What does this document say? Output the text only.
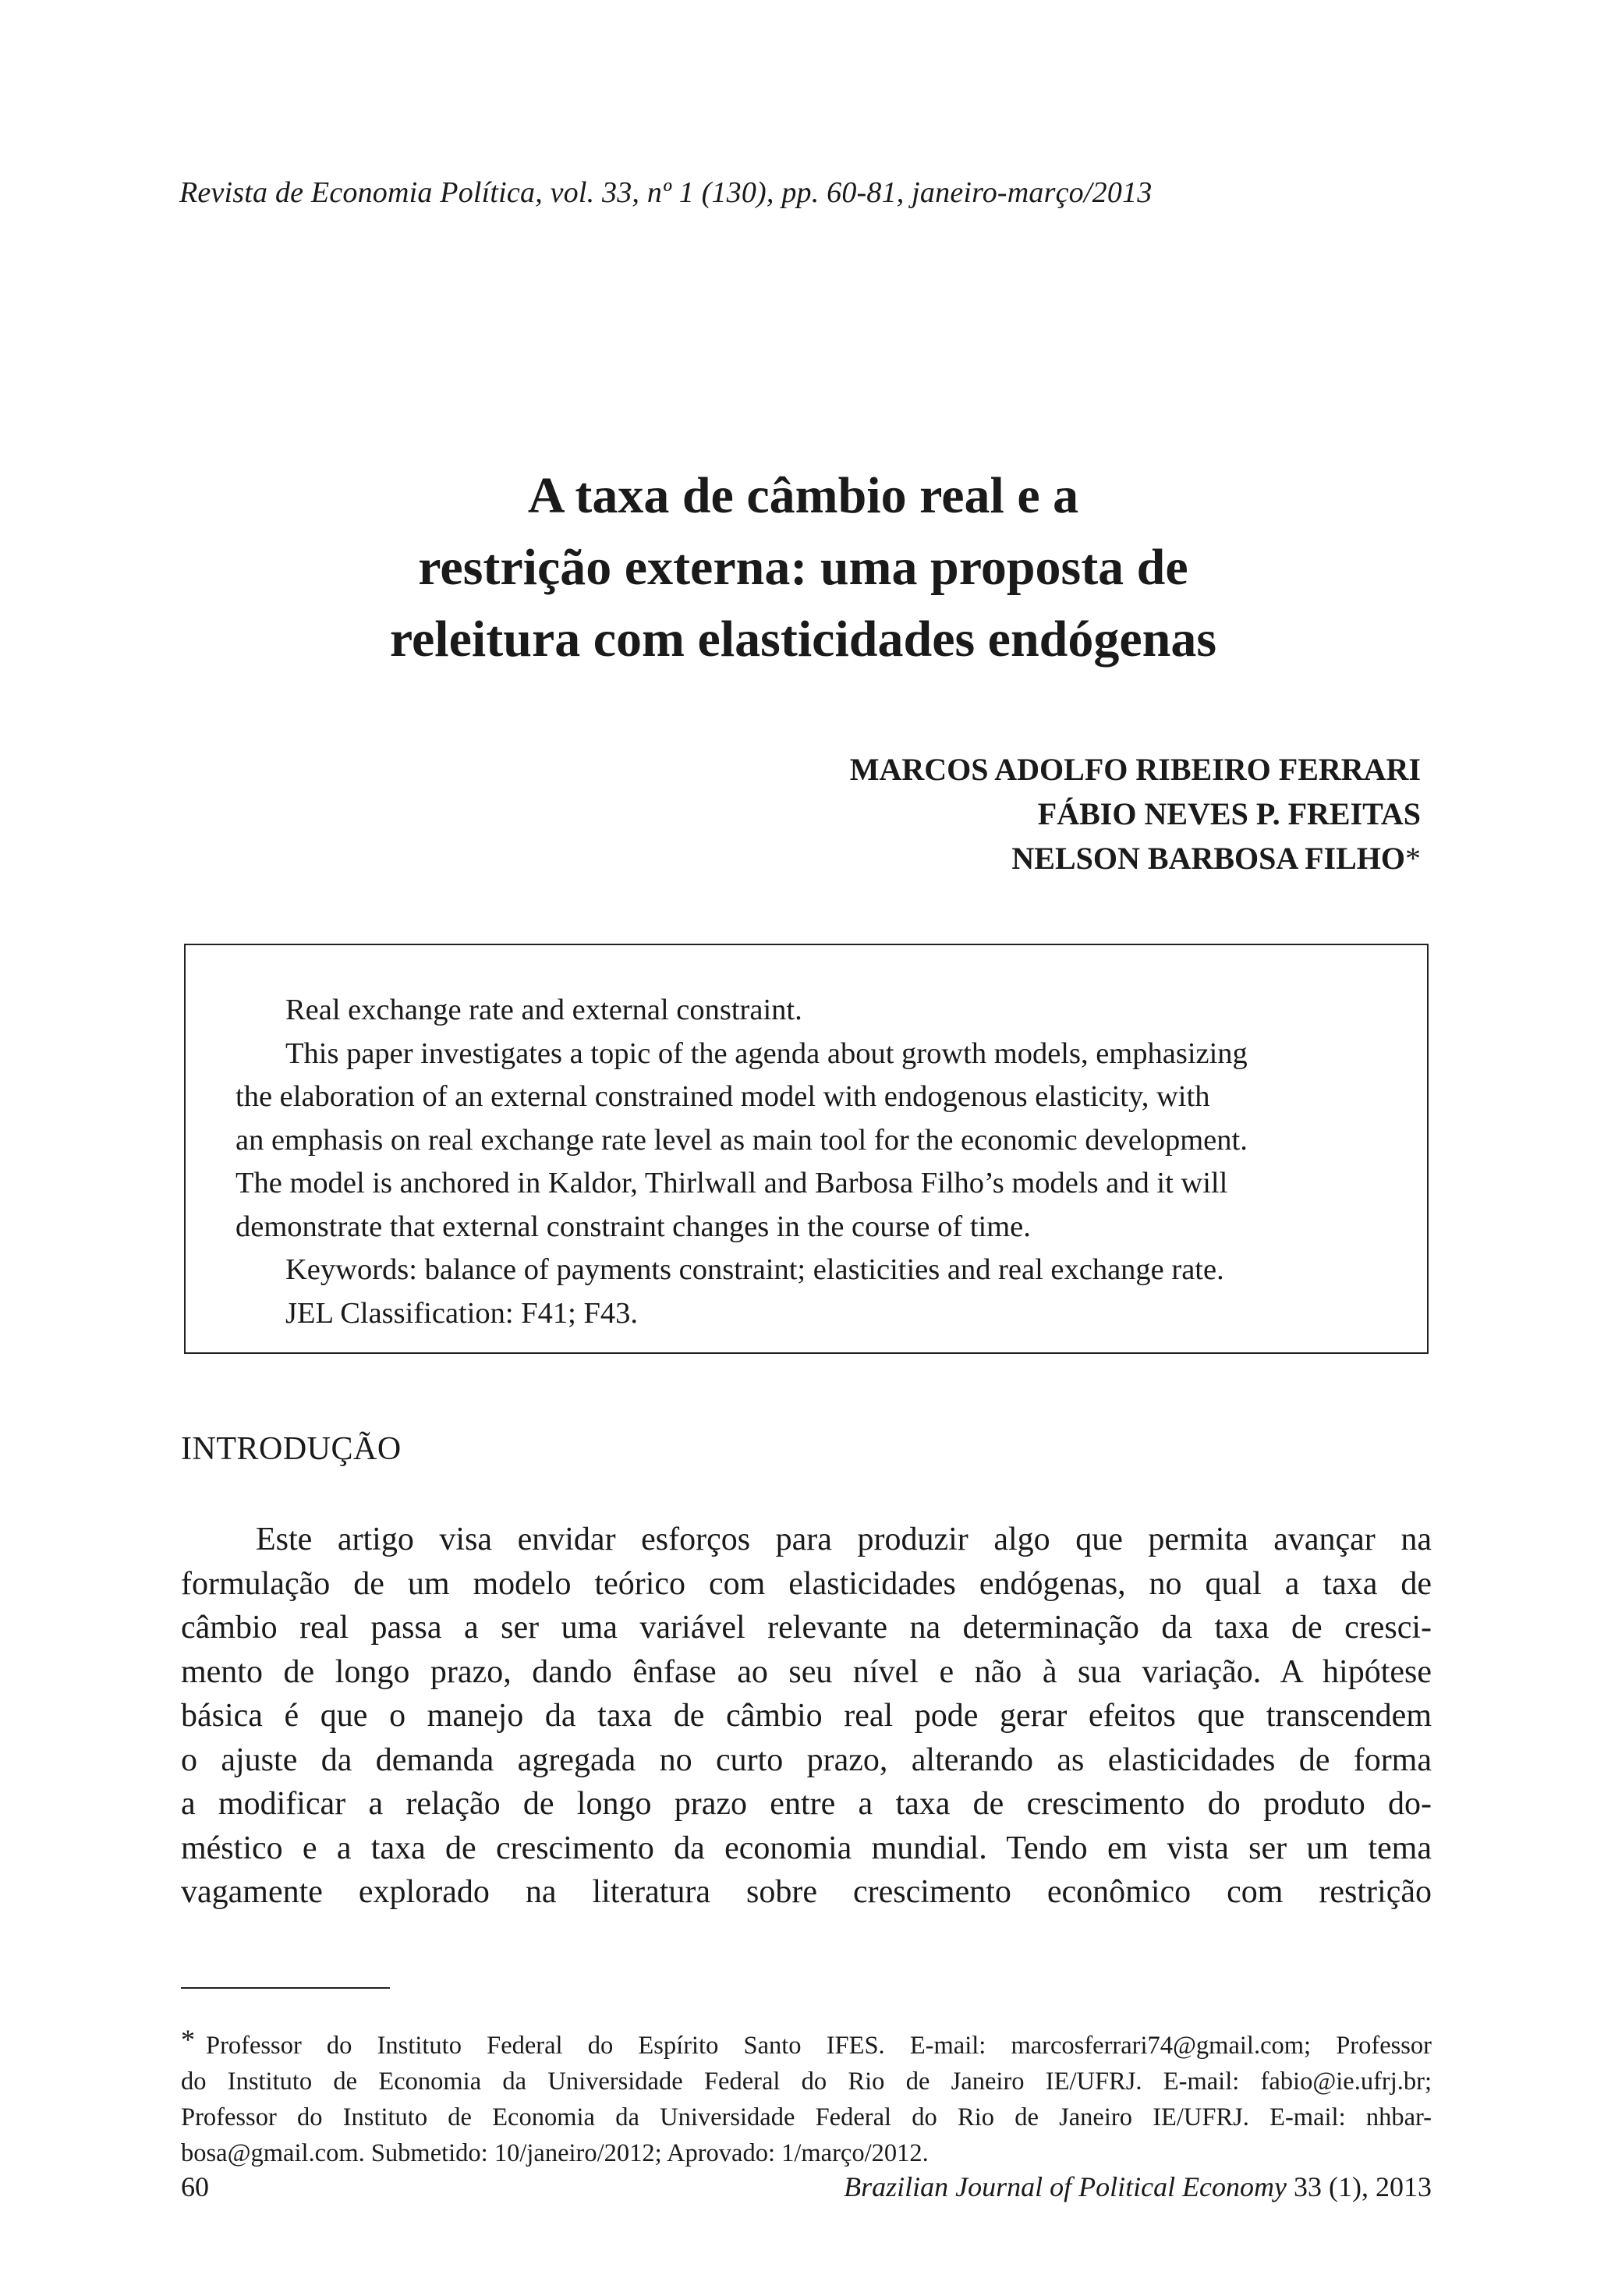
Revista de Economia Política, vol. 33, nº 1 (130), pp. 60-81, janeiro-março/2013
A taxa de câmbio real e a
restrição externa: uma proposta de
releitura com elasticidades endógenas
MARCOS ADOLFO RIBEIRO FERRARI
FÁBIO NEVES P. FREITAS
NELSON BARBOSA FILHO*
Real exchange rate and external constraint.
This paper investigates a topic of the agenda about growth models, emphasizing
the elaboration of an external constrained model with endogenous elasticity, with
an emphasis on real exchange rate level as main tool for the economic development.
The model is anchored in Kaldor, Thirlwall and Barbosa Filho’s models and it will
demonstrate that external constraint changes in the course of time.
Keywords: balance of payments constraint; elasticities and real exchange rate.
JEL Classification: F41; F43.
INTRODUÇÃO
Este artigo visa envidar esforços para produzir algo que permita avançar na
formulação de um modelo teórico com elasticidades endógenas, no qual a taxa de
câmbio real passa a ser uma variável relevante na determinação da taxa de cresci-
mento de longo prazo, dando ênfase ao seu nível e não à sua variação. A hipótese
básica é que o manejo da taxa de câmbio real pode gerar efeitos que transcendem
o ajuste da demanda agregada no curto prazo, alterando as elasticidades de forma
a modificar a relação de longo prazo entre a taxa de crescimento do produto do-
méstico e a taxa de crescimento da economia mundial. Tendo em vista ser um tema
vagamente explorado na literatura sobre crescimento econômico com restrição
* Professor do Instituto Federal do Espírito Santo IFES. E-mail: marcosferrari74@gmail.com; Professor
do Instituto de Economia da Universidade Federal do Rio de Janeiro IE/UFRJ. E-mail: fabio@ie.ufrj.br;
Professor do Instituto de Economia da Universidade Federal do Rio de Janeiro IE/UFRJ. E-mail: nhbar-
bosa@gmail.com. Submetido: 10/janeiro/2012; Aprovado: 1/março/2012.
60	Brazilian Journal of Political Economy 33 (1), 2013
